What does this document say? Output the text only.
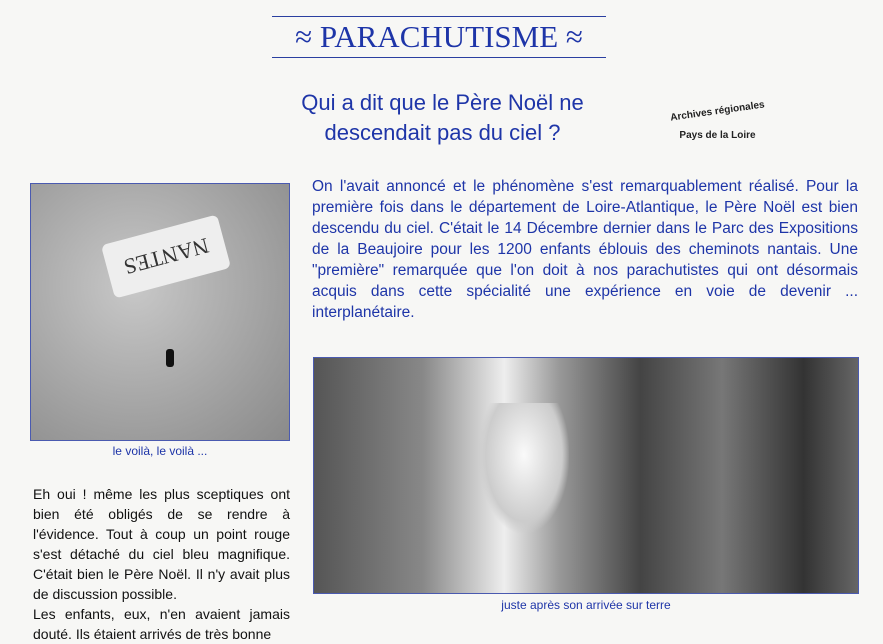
≈ PARACHUTISME ≈
Qui a dit que le Père Noël ne
descendait pas du ciel ?
Archives régionales
Pays de la Loire
NANTES
le voilà, le voilà ...

Eh oui ! même les plus sceptiques ont bien été obligés de se rendre à l'évidence. Tout à coup un point rouge s'est détaché du ciel bleu magnifique. C'était bien le Père Noël. Il n'y avait plus de discussion possible.

Les enfants, eux, n'en avaient jamais douté. Ils étaient arrivés de très bonne

On l'avait annoncé et le phénomène s'est remarquablement réalisé. Pour la première fois dans le département de Loire-Atlantique, le Père Noël est bien descendu du ciel. C'était le 14 Décembre dernier dans le Parc des Expositions de la Beaujoire pour les 1200 enfants éblouis des cheminots nantais. Une "première" remarquée que l'on doit à nos parachutistes qui ont désormais acquis dans cette spécialité une expérience en voie de devenir ... interplanétaire.
juste après son arrivée sur terre
